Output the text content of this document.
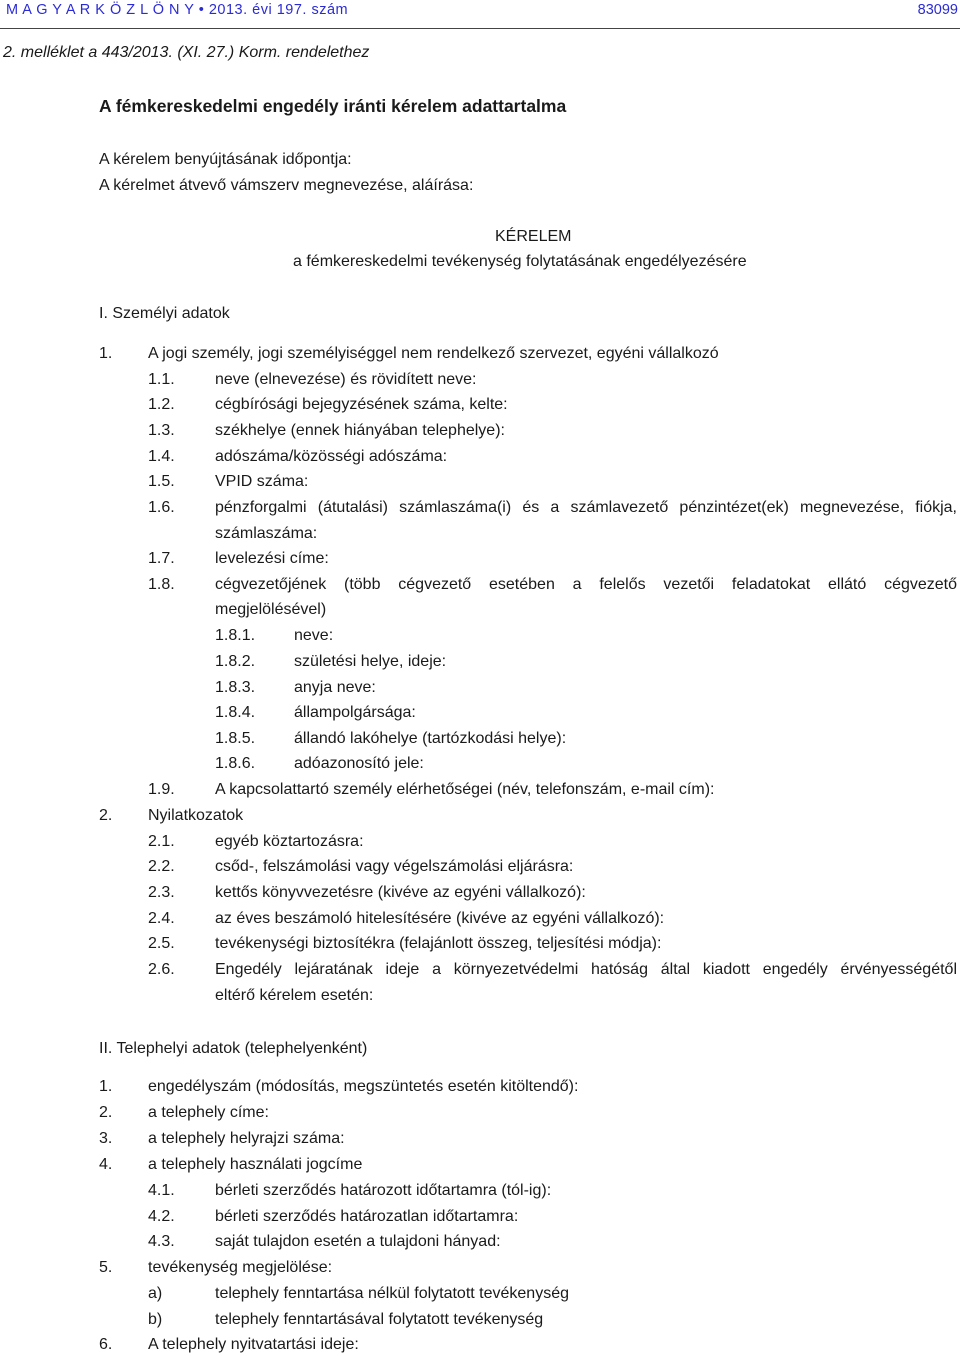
M A G Y A R K Ö Z L Ö N Y • 2013. évi 197. szám	83099
2. melléklet a 443/2013. (XI. 27.) Korm. rendelethez
A fémkereskedelmi engedély iránti kérelem adattartalma
A kérelem benyújtásának időpontja:
A kérelmet átvevő vámszerv megnevezése, aláírása:
KÉRELEM
a fémkereskedelmi tevékenység folytatásának engedélyezésére
I. Személyi adatok
1. A jogi személy, jogi személyiséggel nem rendelkező szervezet, egyéni vállalkozó
1.1.	neve (elnevezése) és rövidített neve:
1.2.	cégbírósági bejegyzésének száma, kelte:
1.3.	székhelye (ennek hiányában telephelye):
1.4.	adószáma/közösségi adószáma:
1.5.	VPID száma:
1.6.	pénzforgalmi (átutalási) számlaszáma(i) és a számlavezető pénzintézet(ek) megnevezése, fiókja,
számlaszáma:
1.7.	levelezési címe:
1.8.	cégvezetőjének (több cégvezető esetében a felelős vezetői feladatokat ellátó cégvezető
megjelölésével)
1.8.1. neve:
1.8.2. születési helye, ideje:
1.8.3. anyja neve:
1.8.4. állampolgársága:
1.8.5. állandó lakóhelye (tartózkodási helye):
1.8.6. adóazonosító jele:
1.9.	A kapcsolattartó személy elérhetőségei (név, telefonszám, e-mail cím):
2. Nyilatkozatok
2.1.	egyéb köztartozásra:
2.2.	csőd-, felszámolási vagy végelszámolási eljárásra:
2.3.	kettős könyvvezetésre (kivéve az egyéni vállalkozó):
2.4.	az éves beszámoló hitelesítésére (kivéve az egyéni vállalkozó):
2.5.	tevékenységi biztosítékra (felajánlott összeg, teljesítési módja):
2.6.	Engedély lejáratának ideje a környezetvédelmi hatóság által kiadott engedély érvényességétől
eltérő kérelem esetén:
II. Telephelyi adatok (telephelyenként)
1. engedélyszám (módosítás, megszüntetés esetén kitöltendő):
2. a telephely címe:
3. a telephely helyrajzi száma:
4. a telephely használati jogcíme
4.1.	bérleti szerződés határozott időtartamra (tól-ig):
4.2.	bérleti szerződés határozatlan időtartamra:
4.3.	saját tulajdon esetén a tulajdoni hányad:
5. tevékenység megjelölése:
a)	telephely fenntartása nélkül folytatott tevékenység
b)	telephely fenntartásával folytatott tevékenység
6. A telephely nyitvatartási ideje:
